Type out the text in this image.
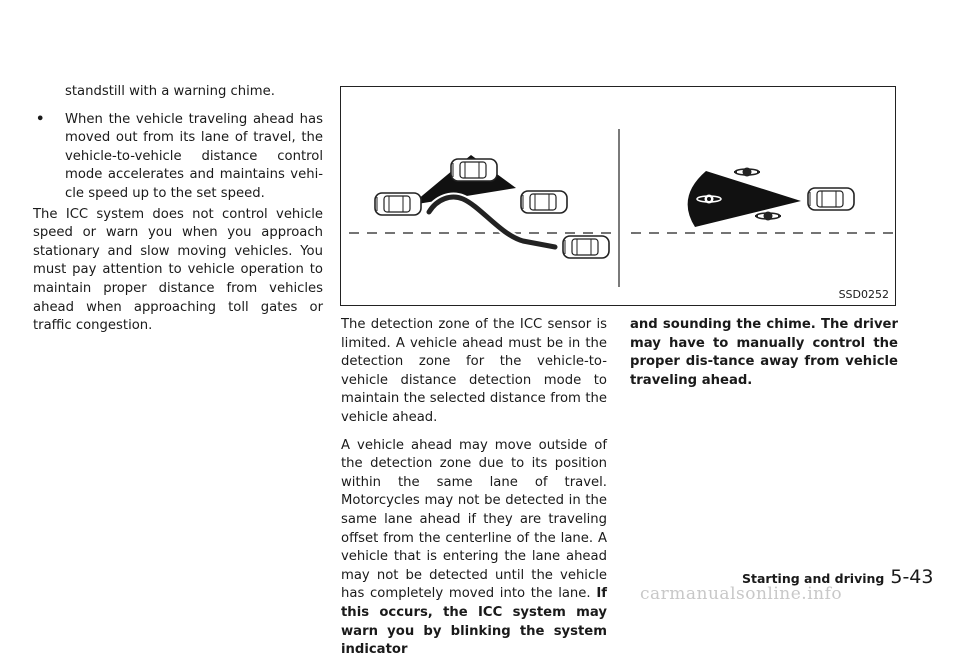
standstill with a warning chime.

• When the vehicle traveling ahead has moved out from its lane of travel, the vehicle-to-vehicle distance control mode accelerates and maintains vehi-cle speed up to the set speed.

The ICC system does not control vehicle speed or warn you when you approach stationary and slow moving vehicles. You must pay attention to vehicle operation to maintain proper distance from vehicles ahead when approaching toll gates or traffic congestion.

SSD0252

The detection zone of the ICC sensor is limited. A vehicle ahead must be in the detection zone for the vehicle-to-vehicle distance detection mode to maintain the selected distance from the vehicle ahead.

A vehicle ahead may move outside of the detection zone due to its position within the same lane of travel. Motorcycles may not be detected in the same lane ahead if they are traveling offset from the centerline of the lane. A vehicle that is entering the lane ahead may not be detected until the vehicle has completely moved into the lane. If this occurs, the ICC system may warn you by blinking the system indicator

and sounding the chime. The driver may have to manually control the proper dis-tance away from vehicle traveling ahead.

Starting and driving 5-43
carmanualsonline.info
